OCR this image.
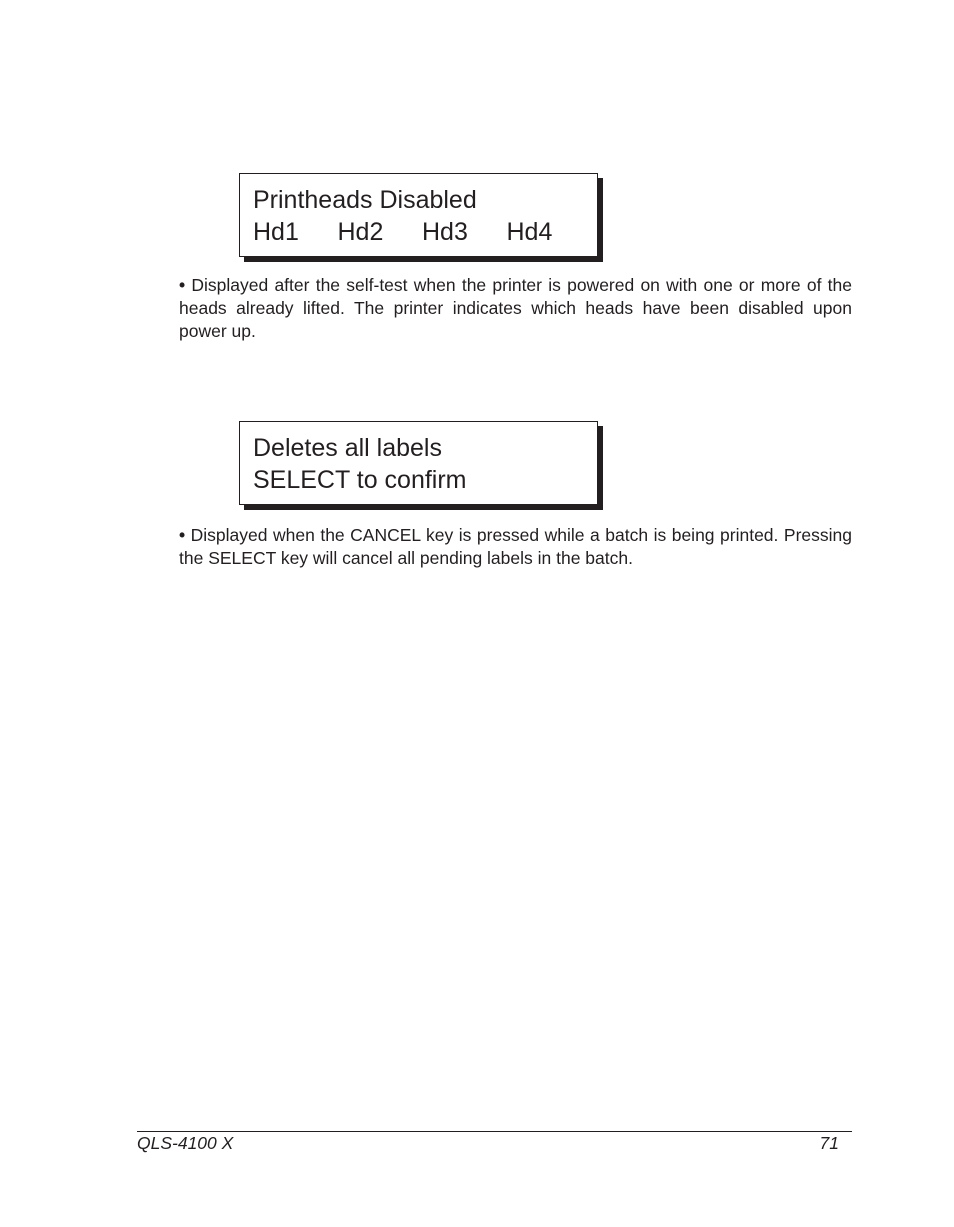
Printheads Disabled
Hd1	Hd2	Hd3	Hd4
• Displayed after the self-test when the printer is powered on with one or more of the heads already lifted. The printer indicates which heads have been disabled upon power up.
Deletes all labels
SELECT to confirm
• Displayed when the CANCEL key is pressed while a batch is being printed. Pressing the SELECT key will cancel all pending labels in the batch.
QLS-4100 X	71
